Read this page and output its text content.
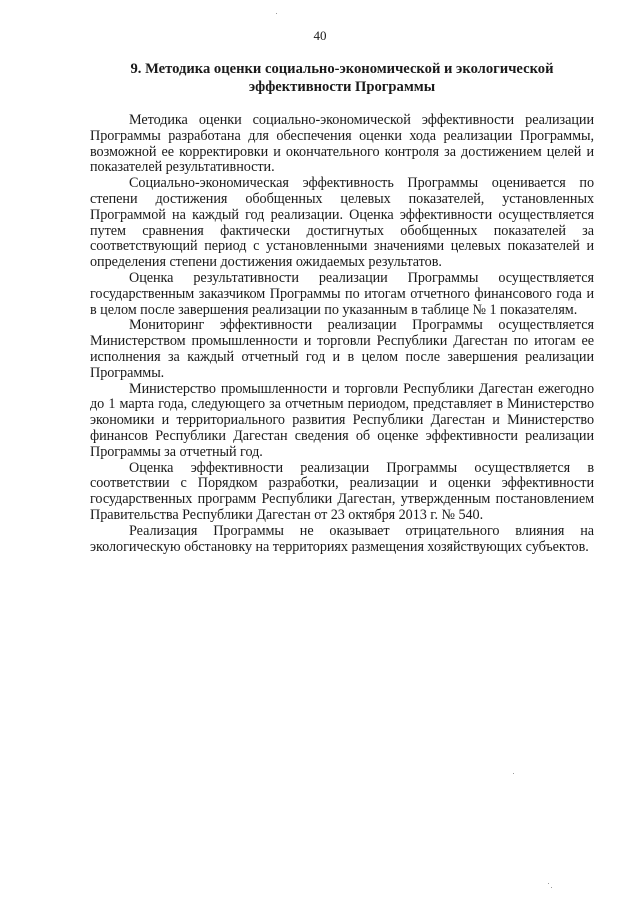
40
9. Методика оценки социально-экономической и экологической эффективности Программы

Методика оценки социально-экономической эффективности реализации Программы разработана для обеспечения оценки хода реализации Программы, возможной ее корректировки и окончательного контроля за достижением целей и показателей результативности.

Социально-экономическая эффективность Программы оценивается по степени достижения обобщенных целевых показателей, установленных Программой на каждый год реализации. Оценка эффективности осуществляется путем сравнения фактически достигнутых обобщенных показателей за соответствующий период с установленными значениями целевых показателей и определения степени достижения ожидаемых результатов.

Оценка результативности реализации Программы осуществляется государственным заказчиком Программы по итогам отчетного финансового года и в целом после завершения реализации по указанным в таблице № 1 показателям.

Мониторинг эффективности реализации Программы осуществляется Министерством промышленности и торговли Республики Дагестан по итогам ее исполнения за каждый отчетный год и в целом после завершения реализации Программы.

Министерство промышленности и торговли Республики Дагестан ежегодно до 1 марта года, следующего за отчетным периодом, представляет в Министерство экономики и территориального развития Республики Дагестан и Министерство финансов Республики Дагестан сведения об оценке эффективности реализации Программы за отчетный год.

Оценка эффективности реализации Программы осуществляется в соответствии с Порядком разработки, реализации и оценки эффективности государственных программ Республики Дагестан, утвержденным постановлением Правительства Республики Дагестан от 23 октября 2013 г. № 540.

Реализация Программы не оказывает отрицательного влияния на экологическую обстановку на территориях размещения хозяйствующих субъектов.
